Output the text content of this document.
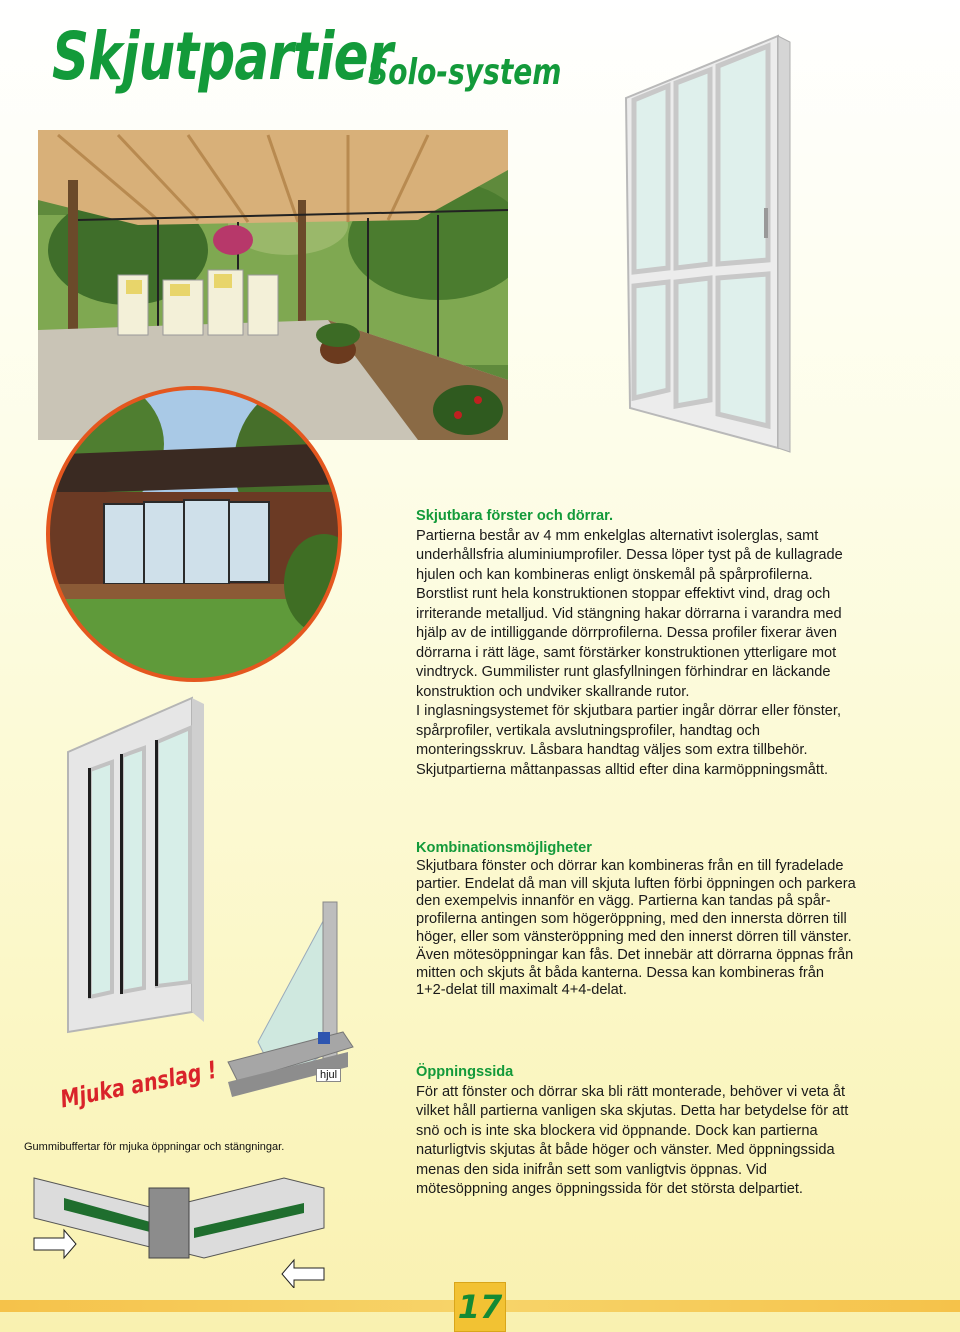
Skjutpartier
Solo-system
Skjutbara förster och dörrar.

Partierna består av 4 mm enkelglas alternativt isolerglas, samt

underhållsfria aluminiumprofiler. Dessa löper tyst på de kullagrade

hjulen och kan kombineras enligt önskemål på spårprofilerna.

Borstlist runt hela konstruktionen stoppar effektivt vind, drag och

irriterande metalljud. Vid stängning hakar dörrarna i varandra med

hjälp av de intilliggande dörrprofilerna. Dessa profiler fixerar även

dörrarna i rätt läge, samt förstärker konstruktionen ytterligare mot

vindtryck. Gummilister runt glasfyllningen förhindrar en läckande

konstruktion och undviker skallrande rutor.

I inglasningsystemet för skjutbara partier ingår dörrar eller fönster,

spårprofiler, vertikala avslutningsprofiler, handtag och

monteringsskruv. Låsbara handtag väljes som extra tillbehör.

Skjutpartierna måttanpassas alltid efter dina karmöppningsmått.

Kombinationsmöjligheter

Skjutbara fönster och dörrar kan kombineras från en till fyradelade

partier. Endelat då man vill skjuta luften förbi öppningen och parkera

den exempelvis innanför en vägg. Partierna kan tandas på spår-

profilerna antingen som högeröppning, med den innersta dörren till

höger, eller som vänsteröppning med den innerst dörren till vänster.

Även mötesöppningar kan fås. Det innebär att dörrarna öppnas från

mitten och skjuts åt båda kanterna. Dessa kan kombineras från

1+2-delat till maximalt 4+4-delat.

Öppningssida

För att fönster och dörrar ska bli rätt monterade, behöver vi veta åt

vilket håll partierna vanligen ska skjutas. Detta har betydelse för att

snö och is inte ska blockera vid öppnande. Dock kan partierna

naturligtvis skjutas åt både höger och vänster. Med öppningssida

menas den sida inifrån sett som vanligtvis öppnas. Vid

mötesöppning anges öppningssida för det största delpartiet.

Mjuka anslag !
Gummibuffertar för mjuka öppningar och stängningar.
hjul
17
